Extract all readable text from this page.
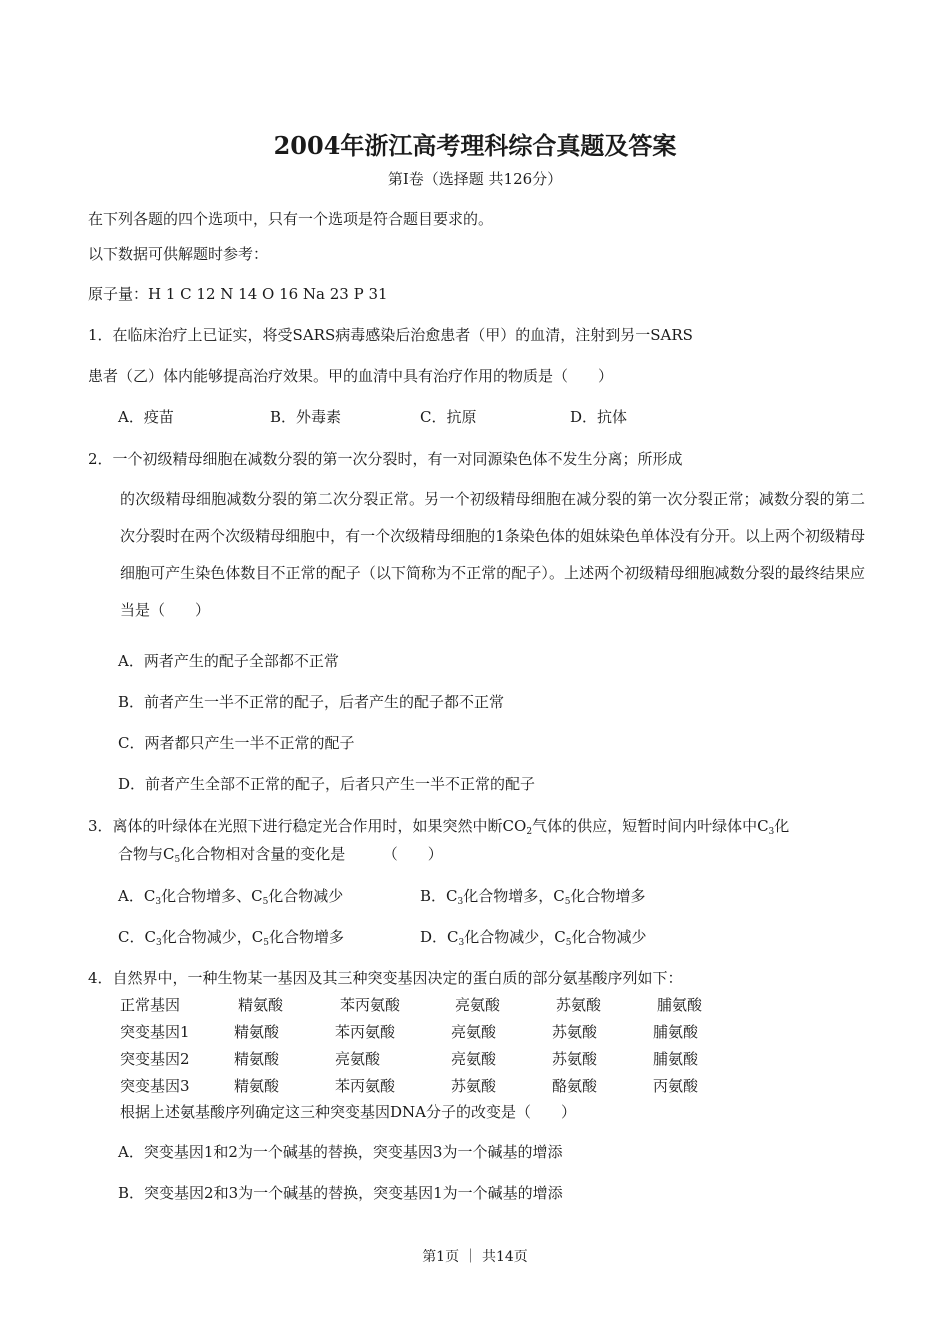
2004年浙江高考理科综合真题及答案
第Ⅰ卷（选择题 共126分）
在下列各题的四个选项中，只有一个选项是符合题目要求的。
以下数据可供解题时参考：
原子量：H 1 C 12 N 14 O 16 Na 23 P 31
1．在临床治疗上已证实，将受SARS病毒感染后治愈患者（甲）的血清，注射到另一SARS
患者（乙）体内能够提高治疗效果。甲的血清中具有治疗作用的物质是（　　）
A．疫苗	B．外毒素	C．抗原	D．抗体
2．一个初级精母细胞在减数分裂的第一次分裂时，有一对同源染色体不发生分离；所形成
的次级精母细胞减数分裂的第二次分裂正常。另一个初级精母细胞在减分裂的第一次分裂正常；减数分裂的第二次分裂时在两个次级精母细胞中，有一个次级精母细胞的1条染色体的姐妹染色单体没有分开。以上两个初级精母细胞可产生染色体数目不正常的配子（以下简称为不正常的配子）。上述两个初级精母细胞减数分裂的最终结果应当是（　　）
A．两者产生的配子全部都不正常
B．前者产生一半不正常的配子，后者产生的配子都不正常
C．两者都只产生一半不正常的配子
D．前者产生全部不正常的配子，后者只产生一半不正常的配子
3．离体的叶绿体在光照下进行稳定光合作用时，如果突然中断$CO_2$气体的供应，短暂时间内叶绿体中$C_3$化
合物与$C_5$化合物相对含量的变化是　　　（　　）
A．$C_3$化合物增多、$C_5$化合物减少	B．$C_3$化合物增多，$C_5$化合物增多
C．$C_3$化合物减少，$C_5$化合物增多	D．$C_3$化合物减少，$C_5$化合物减少
4．自然界中，一种生物某一基因及其三种突变基因决定的蛋白质的部分氨基酸序列如下：
正常基因	精氨酸	苯丙氨酸	亮氨酸	苏氨酸	脯氨酸
突变基因1	精氨酸	苯丙氨酸	亮氨酸	苏氨酸	脯氨酸
突变基因2	精氨酸	亮氨酸	亮氨酸	苏氨酸	脯氨酸
突变基因3	精氨酸	苯丙氨酸	苏氨酸	酪氨酸	丙氨酸
根据上述氨基酸序列确定这三种突变基因DNA分子的改变是（　　）
A．突变基因1和2为一个碱基的替换，突变基因3为一个碱基的增添
B．突变基因2和3为一个碱基的替换，突变基因1为一个碱基的增添
第1页 ｜ 共14页
